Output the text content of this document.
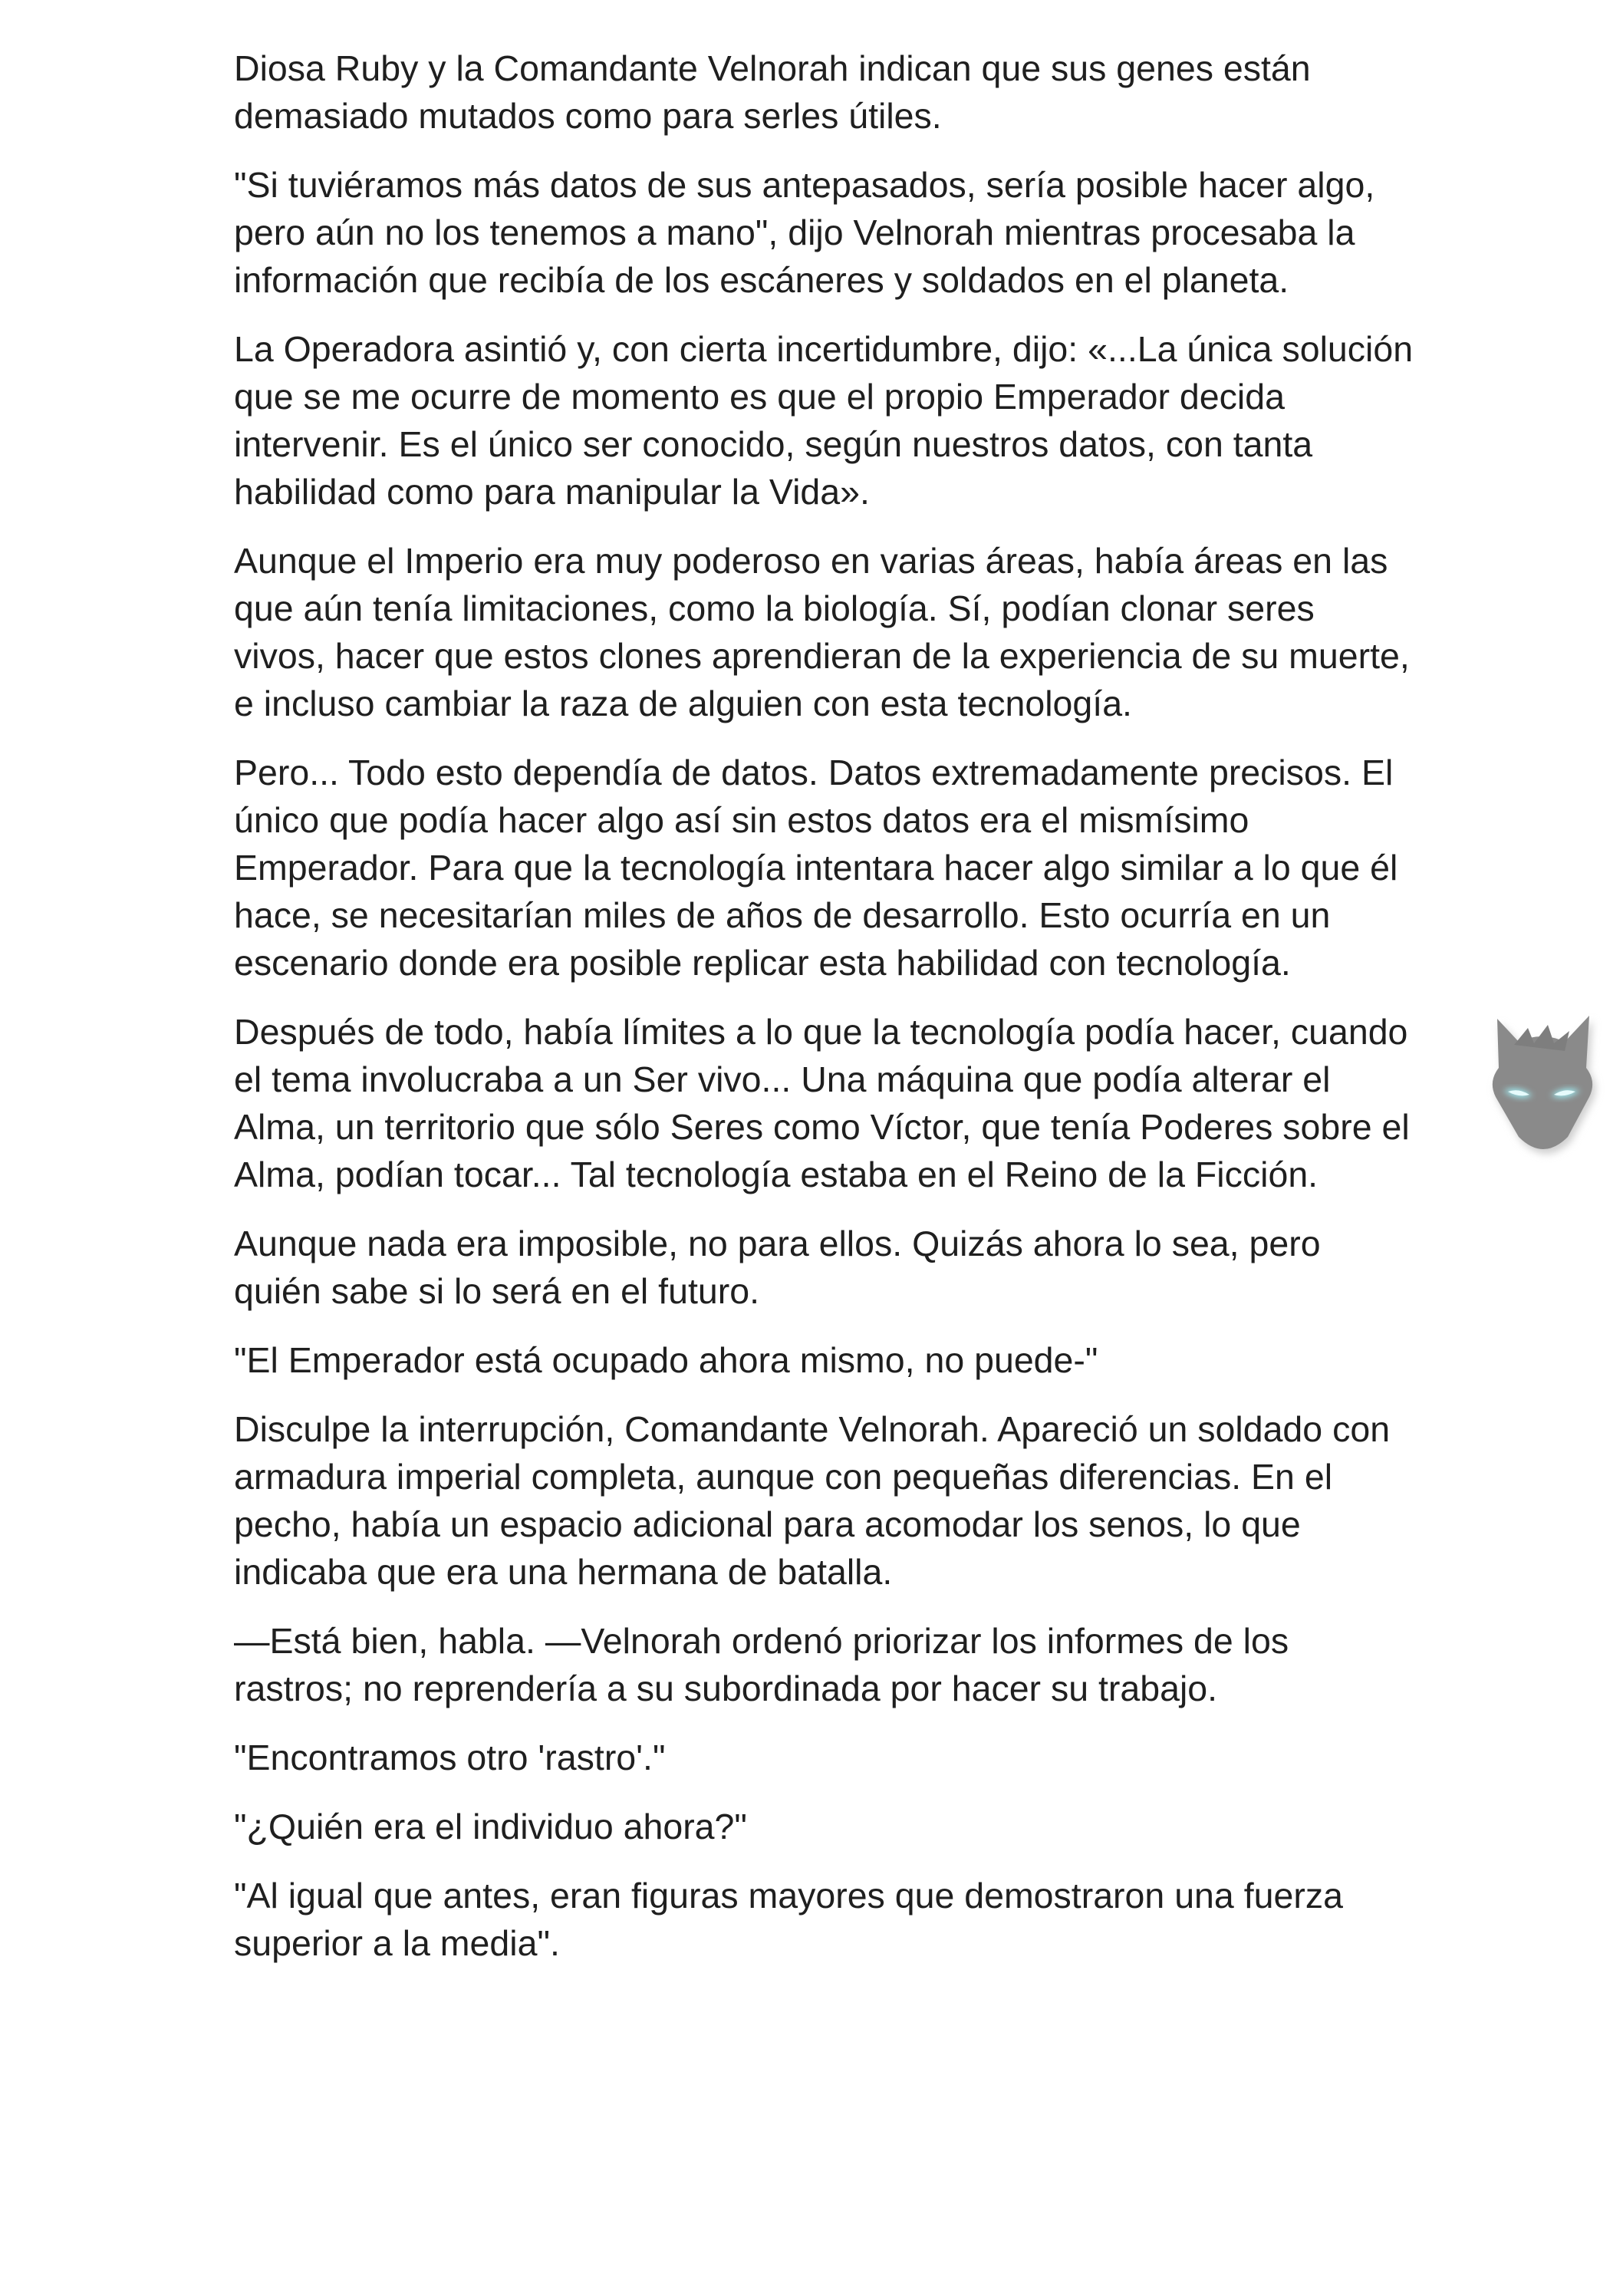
Diosa Ruby y la Comandante Velnorah indican que sus genes están demasiado mutados como para serles útiles.

"Si tuviéramos más datos de sus antepasados, sería posible hacer algo, pero aún no los tenemos a mano", dijo Velnorah mientras procesaba la información que recibía de los escáneres y soldados en el planeta.

La Operadora asintió y, con cierta incertidumbre, dijo: «...La única solución que se me ocurre de momento es que el propio Emperador decida intervenir. Es el único ser conocido, según nuestros datos, con tanta habilidad como para manipular la Vida».

Aunque el Imperio era muy poderoso en varias áreas, había áreas en las que aún tenía limitaciones, como la biología. Sí, podían clonar seres vivos, hacer que estos clones aprendieran de la experiencia de su muerte, e incluso cambiar la raza de alguien con esta tecnología.

Pero... Todo esto dependía de datos. Datos extremadamente precisos. El único que podía hacer algo así sin estos datos era el mismísimo Emperador. Para que la tecnología intentara hacer algo similar a lo que él hace, se necesitarían miles de años de desarrollo. Esto ocurría en un escenario donde era posible replicar esta habilidad con tecnología.

Después de todo, había límites a lo que la tecnología podía hacer, cuando el tema involucraba a un Ser vivo... Una máquina que podía alterar el Alma, un territorio que sólo Seres como Víctor, que tenía Poderes sobre el Alma, podían tocar... Tal tecnología estaba en el Reino de la Ficción.

Aunque nada era imposible, no para ellos. Quizás ahora lo sea, pero quién sabe si lo será en el futuro.

"El Emperador está ocupado ahora mismo, no puede-"

Disculpe la interrupción, Comandante Velnorah. Apareció un soldado con armadura imperial completa, aunque con pequeñas diferencias. En el pecho, había un espacio adicional para acomodar los senos, lo que indicaba que era una hermana de batalla.

—Está bien, habla. —Velnorah ordenó priorizar los informes de los rastros; no reprendería a su subordinada por hacer su trabajo.

"Encontramos otro 'rastro'."

"¿Quién era el individuo ahora?"

"Al igual que antes, eran figuras mayores que demostraron una fuerza superior a la media".
